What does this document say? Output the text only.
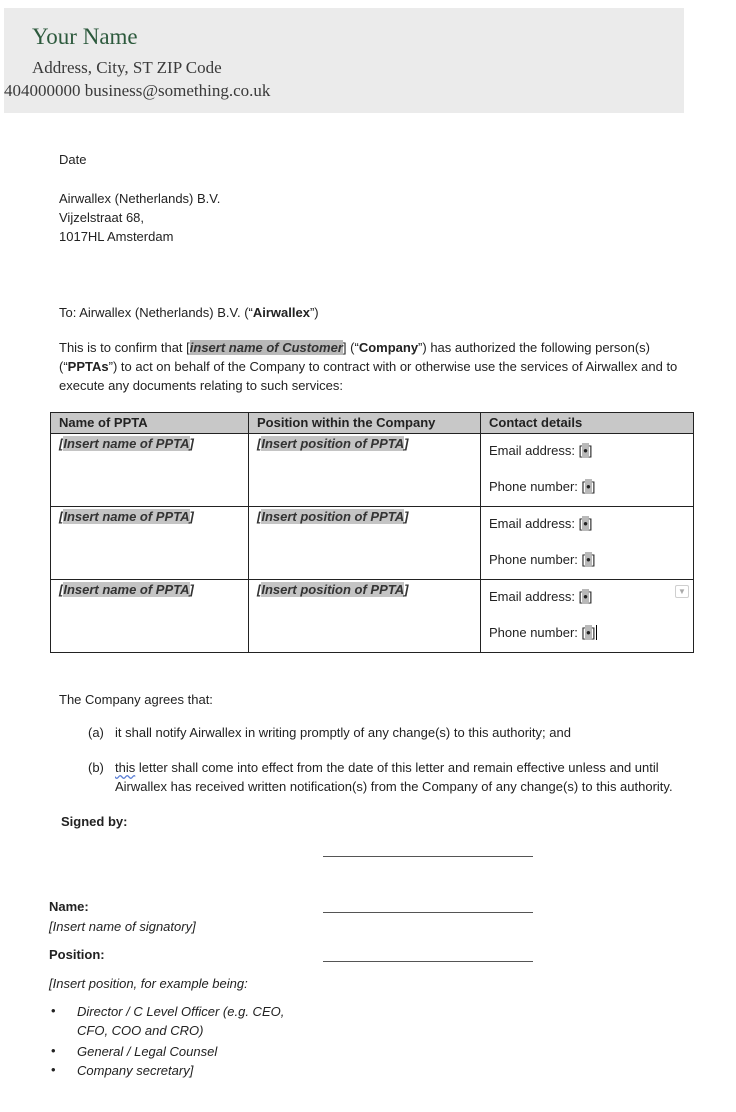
Your Name
Address, City, ST ZIP Code
404000000 business@something.co.uk
Date
Airwallex (Netherlands) B.V.
Vijzelstraat 68,
1017HL Amsterdam
To: Airwallex (Netherlands) B.V. (“Airwallex”)
This is to confirm that [insert name of Customer] (“Company”) has authorized the following person(s)
(“PPTAs”) to act on behalf of the Company to contract with or otherwise use the services of Airwallex and to
execute any documents relating to such services:
Name of PPTA	Position within the Company	Contact details

[Insert name of PPTA]	[Insert position of PPTA]	Email address: [•]
Phone number: [•]

[Insert name of PPTA]	[Insert position of PPTA]	Email address: [•]
Phone number: [•]

[Insert name of PPTA]	[Insert position of PPTA]	▼
Email address: [•]
Phone number: [•]
The Company agrees that:
(a) it shall notify Airwallex in writing promptly of any change(s) to this authority; and
(b) this letter shall come into effect from the date of this letter and remain effective unless and until
Airwallex has received written notification(s) from the Company of any change(s) to this authority.
Signed by:
Name:
[Insert name of signatory]
Position:
[Insert position, for example being:
• Director / C Level Officer (e.g. CEO,
CFO, COO and CRO)
• General / Legal Counsel
• Company secretary]
